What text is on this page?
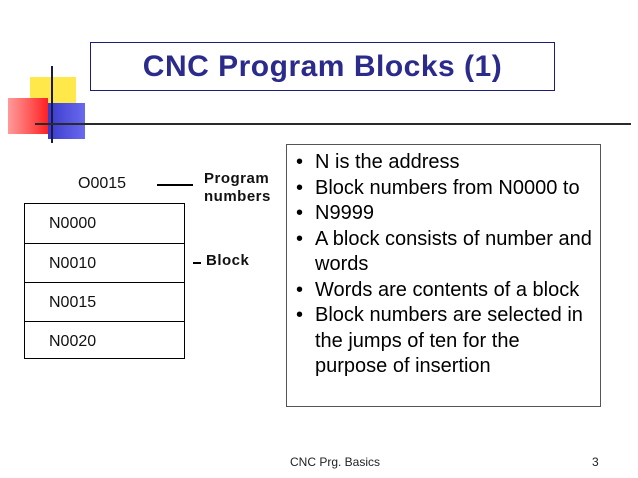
CNC Program Blocks (1)
O0015	Program
numbers
N0000
N0010
N0015
N0020
Block
• N is the address
• Block numbers from N0000 to
• N9999
• A block consists of number and words
• Words are contents of a block
• Block numbers are selected in the jumps of ten for the purpose of insertion
CNC Prg. Basics	3
